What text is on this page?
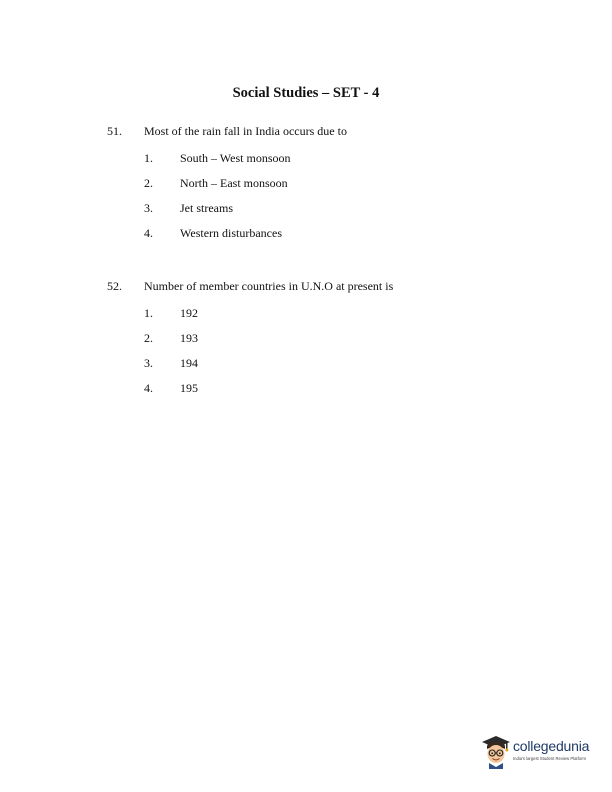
Social Studies – SET - 4
51. Most of the rain fall in India occurs due to
1. South – West monsoon
2. North – East monsoon
3. Jet streams
4. Western disturbances
52. Number of member countries in U.N.O at present is
1. 192
2. 193
3. 194
4. 195
collegedunia
India's largest Student Review Platform
